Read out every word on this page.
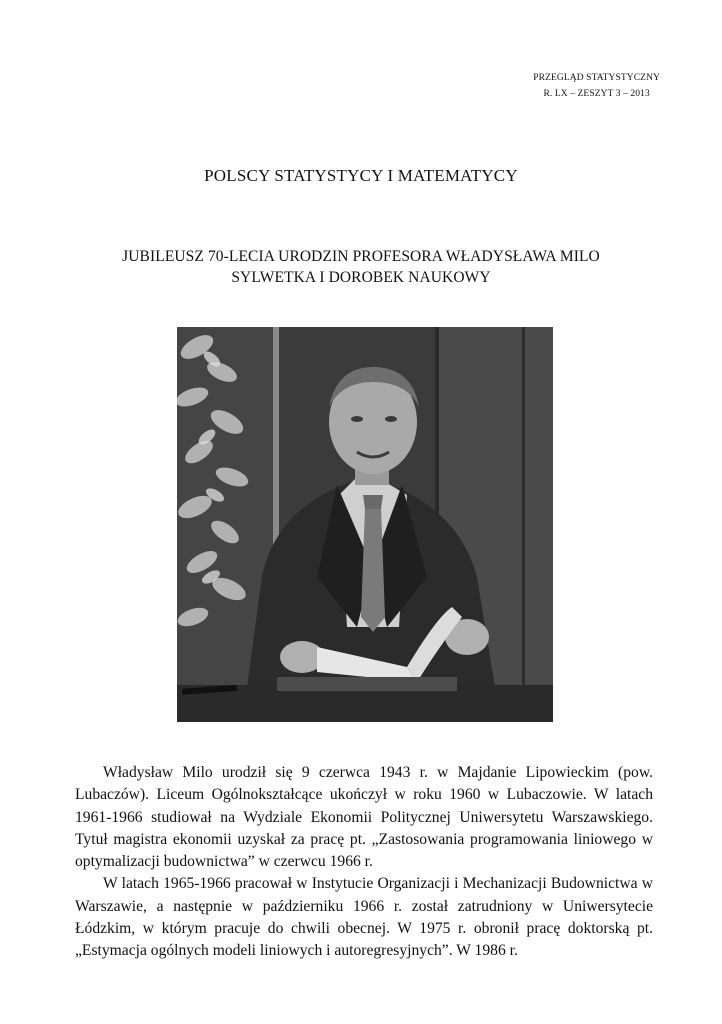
PRZEGLĄD STATYSTYCZNY
R. LX – ZESZYT 3 – 2013
POLSCY STATYSTYCY I MATEMATYCY
JUBILEUSZ 70-LECIA URODZIN PROFESORA WŁADYSŁAWA MILO
SYLWETKA I DOROBEK NAUKOWY

Władysław Milo urodził się 9 czerwca 1943 r. w Majdanie Lipowieckim (pow. Lubaczów). Liceum Ogólnokształcące ukończył w roku 1960 w Lubaczowie. W latach 1961-1966 studiował na Wydziale Ekonomii Politycznej Uniwersytetu Warszawskiego. Tytuł magistra ekonomii uzyskał za pracę pt. „Zastosowania programowania liniowego w optymalizacji budownictwa” w czerwcu 1966 r.

W latach 1965-1966 pracował w Instytucie Organizacji i Mechanizacji Budownictwa w Warszawie, a następnie w październiku 1966 r. został zatrudniony w Uniwersytecie Łódzkim, w którym pracuje do chwili obecnej. W 1975 r. obronił pracę doktorską pt. „Estymacja ogólnych modeli liniowych i autoregresyjnych”. W 1986 r.
